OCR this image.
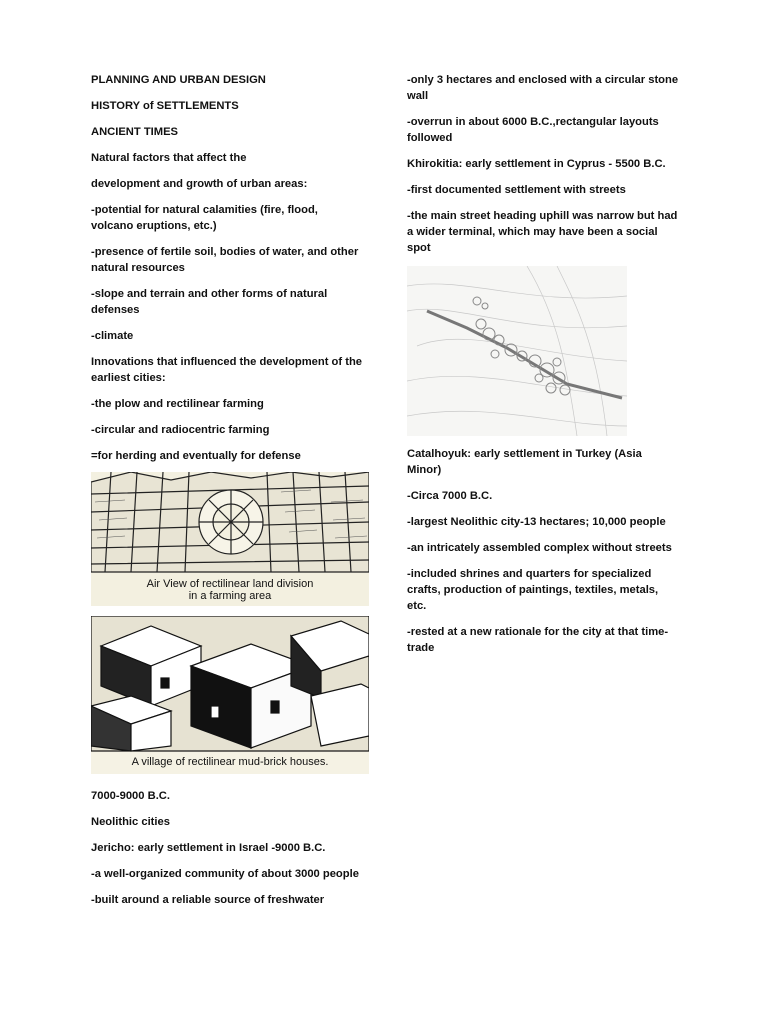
PLANNING AND URBAN DESIGN

HISTORY of SETTLEMENTS

ANCIENT TIMES

Natural factors that affect the

development and growth of urban areas:

-potential for natural calamities (fire, flood, volcano eruptions, etc.)

-presence of fertile soil, bodies of water, and other natural resources

-slope and terrain and other forms of natural defenses

-climate

Innovations that influenced the development of the earliest cities:

-the plow and rectilinear farming

-circular and radiocentric farming

=for herding and eventually for defense

Air View of rectilinear land division
in a farming area
A village of rectilinear mud-brick houses.

7000-9000 B.C.

Neolithic cities

Jericho: early settlement in Israel -9000 B.C.

-a well-organized community of about 3000 people

-built around a reliable source of freshwater

-only 3 hectares and enclosed with a circular stone wall

-overrun in about 6000 B.C.,rectangular layouts followed

Khirokitia: early settlement in Cyprus - 5500 B.C.

-first documented settlement with streets

-the main street heading uphill was narrow but had a wider terminal, which may have been a social spot

Catalhoyuk: early settlement in Turkey (Asia Minor)

-Circa 7000 B.C.

-largest Neolithic city-13 hectares; 10,000 people

-an intricately assembled complex without streets

-included shrines and quarters for specialized crafts, production of paintings, textiles, metals, etc.

-rested at a new rationale for the city at that time-trade
